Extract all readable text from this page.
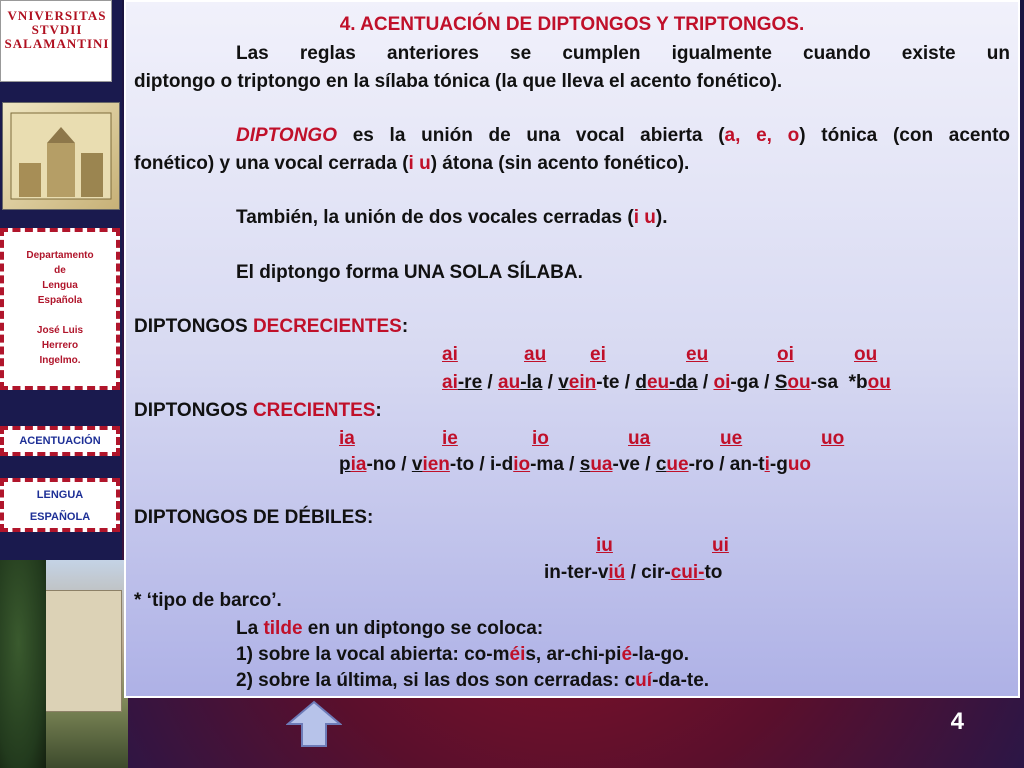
VNIVERSITAS
STVDII
SALAMANTINI
Departamento
de
Lengua
Española
José Luis
Herrero
Ingelmo.
ACENTUACIÓN
LENGUA
ESPAÑOLA
4. ACENTUACIÓN DE DIPTONGOS Y TRIPTONGOS.
Las reglas anteriores se cumplen igualmente cuando existe un
diptongo o triptongo en la sílaba tónica (la que lleva el acento fonético).
DIPTONGO es la unión de una vocal abierta (a, e, o) tónica (con acento
fonético) y una vocal cerrada (i u) átona (sin acento fonético).
También, la unión de dos vocales cerradas (i u).
El diptongo forma UNA SOLA SÍLABA.
DIPTONGOS DECRECIENTES:
ai	au ei	eu	oi	ou
ai-re / au-la / vein-te / deu-da / oi-ga / Sou-sa *bou
DIPTONGOS CRECIENTES:
ia	ie	io	ua	ue	uo
pia-no / vien-to / i-dio-ma / sua-ve / cue-ro / an-ti-guo
DIPTONGOS DE DÉBILES:
iu	ui
in-ter-viú / cir-cui-to
* ‘tipo de barco’.
La tilde en un diptongo se coloca:
1) sobre la vocal abierta: co-méis, ar-chi-pié-la-go.
2) sobre la última, si las dos son cerradas: cuí-da-te.
4
